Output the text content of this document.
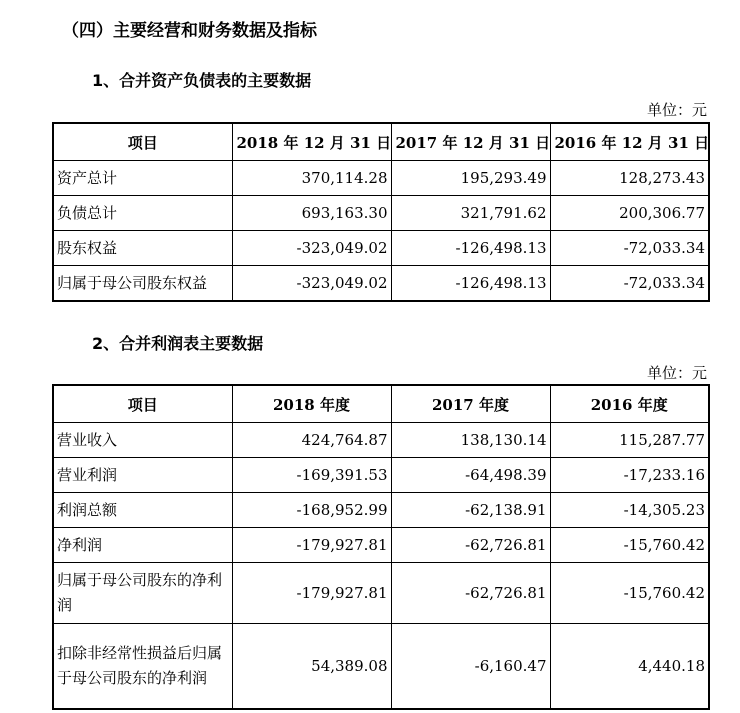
（四）主要经营和财务数据及指标
1、合并资产负债表的主要数据
单位：元
项目	2018 年 12 月 31 日	2017 年 12 月 31 日	2016 年 12 月 31 日
资产总计	370,114.28	195,293.49	128,273.43
负债总计	693,163.30	321,791.62	200,306.77
股东权益	-323,049.02	-126,498.13	-72,033.34
归属于母公司股东权益	-323,049.02	-126,498.13	-72,033.34
2、合并利润表主要数据
单位：元
项目	2018 年度	2017 年度	2016 年度
营业收入	424,764.87	138,130.14	115,287.77
营业利润	-169,391.53	-64,498.39	-17,233.16
利润总额	-168,952.99	-62,138.91	-14,305.23
净利润	-179,927.81	-62,726.81	-15,760.42
归属于母公司股东的净利润	-179,927.81	-62,726.81	-15,760.42
扣除非经常性损益后归属于母公司股东的净利润	54,389.08	-6,160.47	4,440.18
